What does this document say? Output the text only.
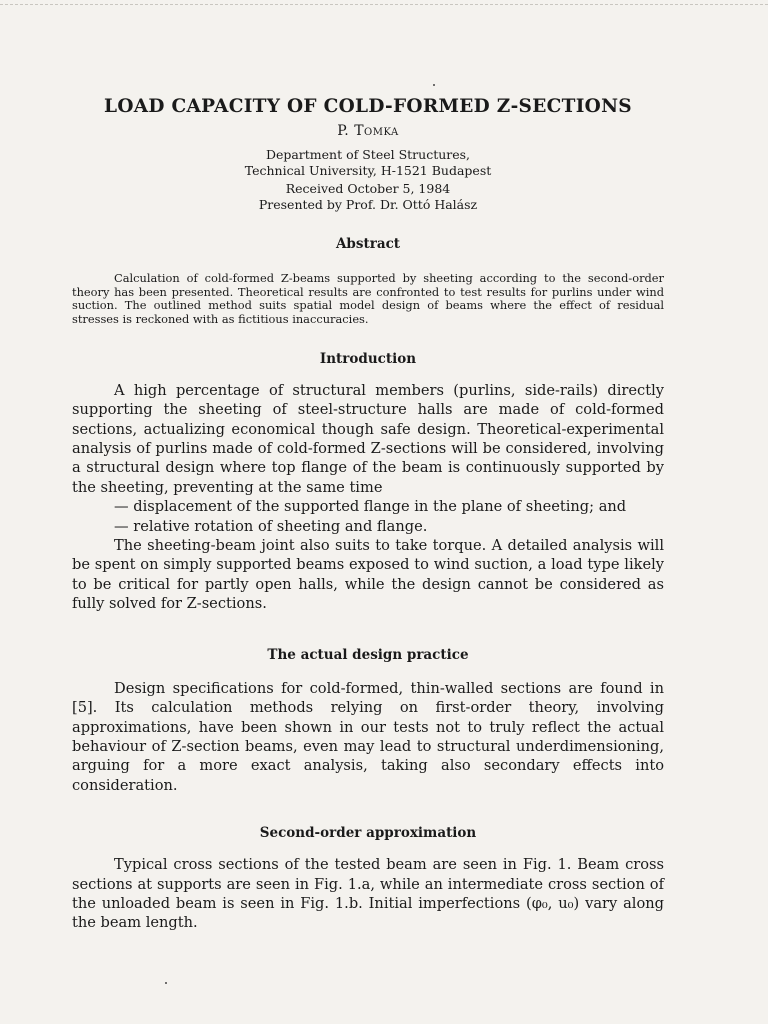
LOAD CAPACITY OF COLD-FORMED Z-SECTIONS
P. Tomka
Department of Steel Structures,
Technical University, H-1521 Budapest
Received October 5, 1984
Presented by Prof. Dr. Ottó Halász
Abstract

Calculation of cold-formed Z-beams supported by sheeting according to the second-order theory has been presented. Theoretical results are confronted to test results for purlins under wind suction. The outlined method suits spatial model design of beams where the effect of residual stresses is reckoned with as fictitious inaccuracies.

Introduction

A high percentage of structural members (purlins, side-rails) directly supporting the sheeting of steel-structure halls are made of cold-formed sections, actualizing economical though safe design. Theoretical-experimental analysis of purlins made of cold-formed Z-sections will be considered, involving a structural design where top flange of the beam is continuously supported by the sheeting, preventing at the same time

— displacement of the supported flange in the plane of sheeting; and

— relative rotation of sheeting and flange.

The sheeting-beam joint also suits to take torque. A detailed analysis will be spent on simply supported beams exposed to wind suction, a load type likely to be critical for partly open halls, while the design cannot be considered as fully solved for Z-sections.

The actual design practice

Design specifications for cold-formed, thin-walled sections are found in [5]. Its calculation methods relying on first-order theory, involving approximations, have been shown in our tests not to truly reflect the actual behaviour of Z-section beams, even may lead to structural underdimensioning, arguing for a more exact analysis, taking also secondary effects into consideration.

Second-order approximation

Typical cross sections of the tested beam are seen in Fig. 1. Beam cross sections at supports are seen in Fig. 1.a, while an intermediate cross section of the unloaded beam is seen in Fig. 1.b. Initial imperfections (φ₀, u₀) vary along the beam length.
